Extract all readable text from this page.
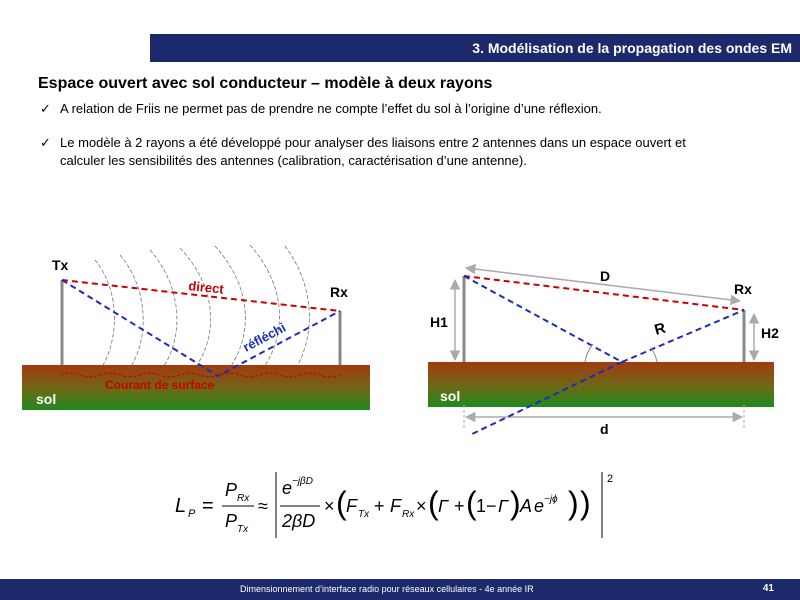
3. Modélisation de la propagation des ondes EM
Espace ouvert avec sol conducteur – modèle à deux rayons
✓ A relation de Friis ne permet pas de prendre ne compte l’effet du sol à l’origine d’une réflexion.
✓ Le modèle à 2 rayons a été développé pour analyser des liaisons entre 2 antennes dans un espace ouvert et
calculer les sensibilités des antennes (calibration, caractérisation d’une antenne).
Tx
Rx
direct
réfléchi
Courant de surface
sol
D
Rx
H1
H2
R
sol
d
L P =
P Rx
P Tx
≈
e −jβD
2βD
× ( F Tx + F Rx × ( Γ + ( 1− Γ ) A e −jϕ ) )
2
Dimensionnement d’interface radio pour réseaux cellulaires - 4e année IR	41
